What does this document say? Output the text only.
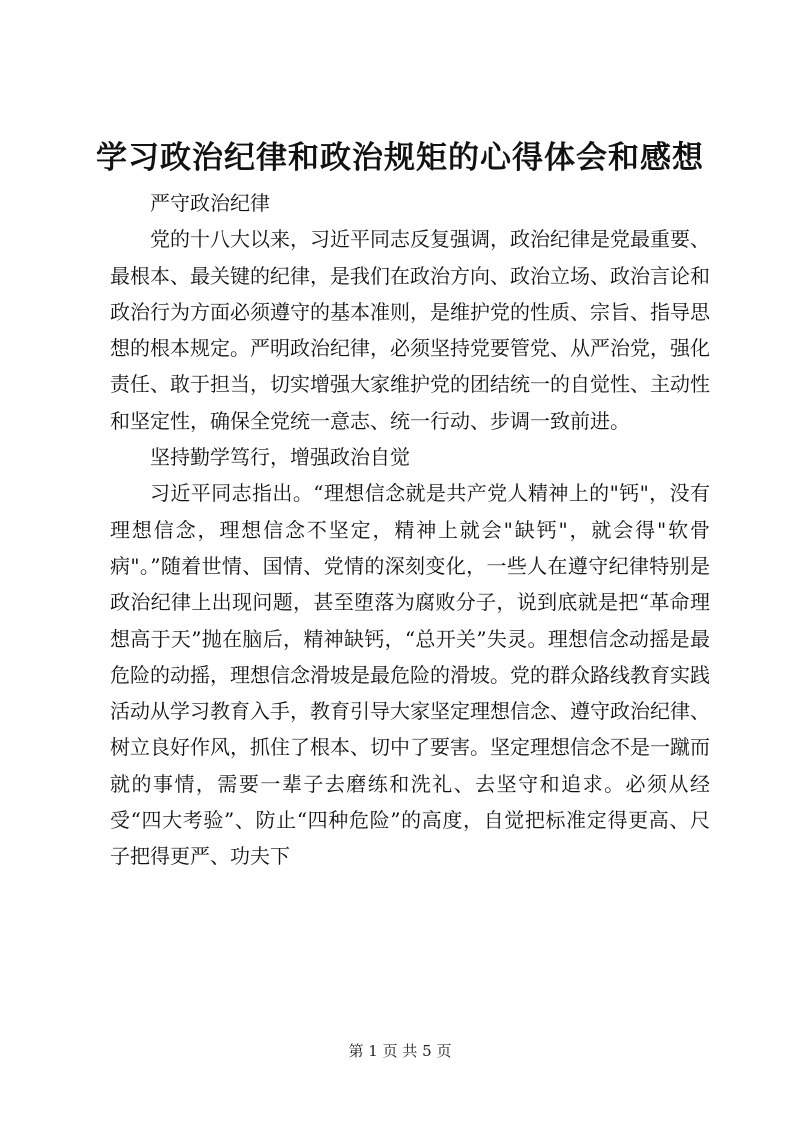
学习政治纪律和政治规矩的心得体会和感想

严守政治纪律

党的十八大以来，习近平同志反复强调，政治纪律是党最重要、最根本、最关键的纪律，是我们在政治方向、政治立场、政治言论和政治行为方面必须遵守的基本准则，是维护党的性质、宗旨、指导思想的根本规定。严明政治纪律，必须坚持党要管党、从严治党，强化责任、敢于担当，切实增强大家维护党的团结统一的自觉性、主动性和坚定性，确保全党统一意志、统一行动、步调一致前进。

坚持勤学笃行，增强政治自觉

习近平同志指出。“理想信念就是共产党人精神上的"钙"，没有理想信念，理想信念不坚定，精神上就会"缺钙"，就会得"软骨病"。”随着世情、国情、党情的深刻变化，一些人在遵守纪律特别是政治纪律上出现问题，甚至堕落为腐败分子，说到底就是把“革命理想高于天”抛在脑后，精神缺钙，“总开关”失灵。理想信念动摇是最危险的动摇，理想信念滑坡是最危险的滑坡。党的群众路线教育实践活动从学习教育入手，教育引导大家坚定理想信念、遵守政治纪律、树立良好作风，抓住了根本、切中了要害。坚定理想信念不是一蹴而就的事情，需要一辈子去磨练和洗礼、去坚守和追求。必须从经受“四大考验”、防止“四种危险”的高度，自觉把标准定得更高、尺子把得更严、功夫下

第 1 页 共 5 页
